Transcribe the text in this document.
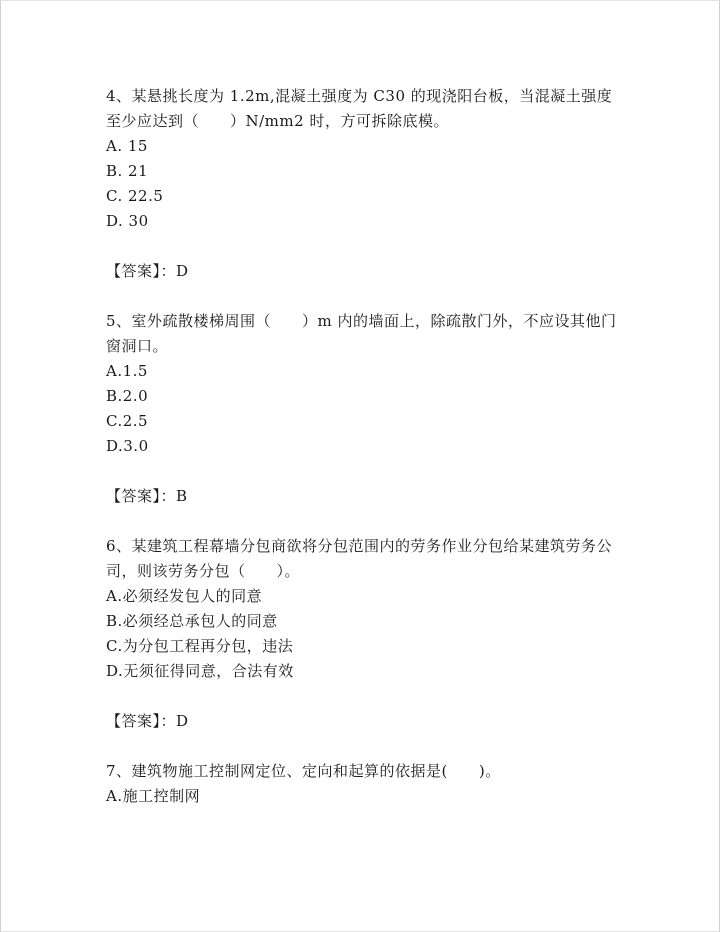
4、某悬挑长度为 1.2m,混凝土强度为 C30 的现浇阳台板，当混凝土强度至少应达到（　　）N/mm2 时，方可拆除底模。

A. 15

B. 21

C. 22.5

D. 30

【答案】：D

5、室外疏散楼梯周围（　　）m 内的墙面上，除疏散门外，不应设其他门窗洞口。

A.1.5

B.2.0

C.2.5

D.3.0

【答案】：B

6、某建筑工程幕墙分包商欲将分包范围内的劳务作业分包给某建筑劳务公司，则该劳务分包（　　）。

A.必须经发包人的同意

B.必须经总承包人的同意

C.为分包工程再分包，违法

D.无须征得同意，合法有效

【答案】：D

7、建筑物施工控制网定位、定向和起算的依据是(　　)。

A.施工控制网
